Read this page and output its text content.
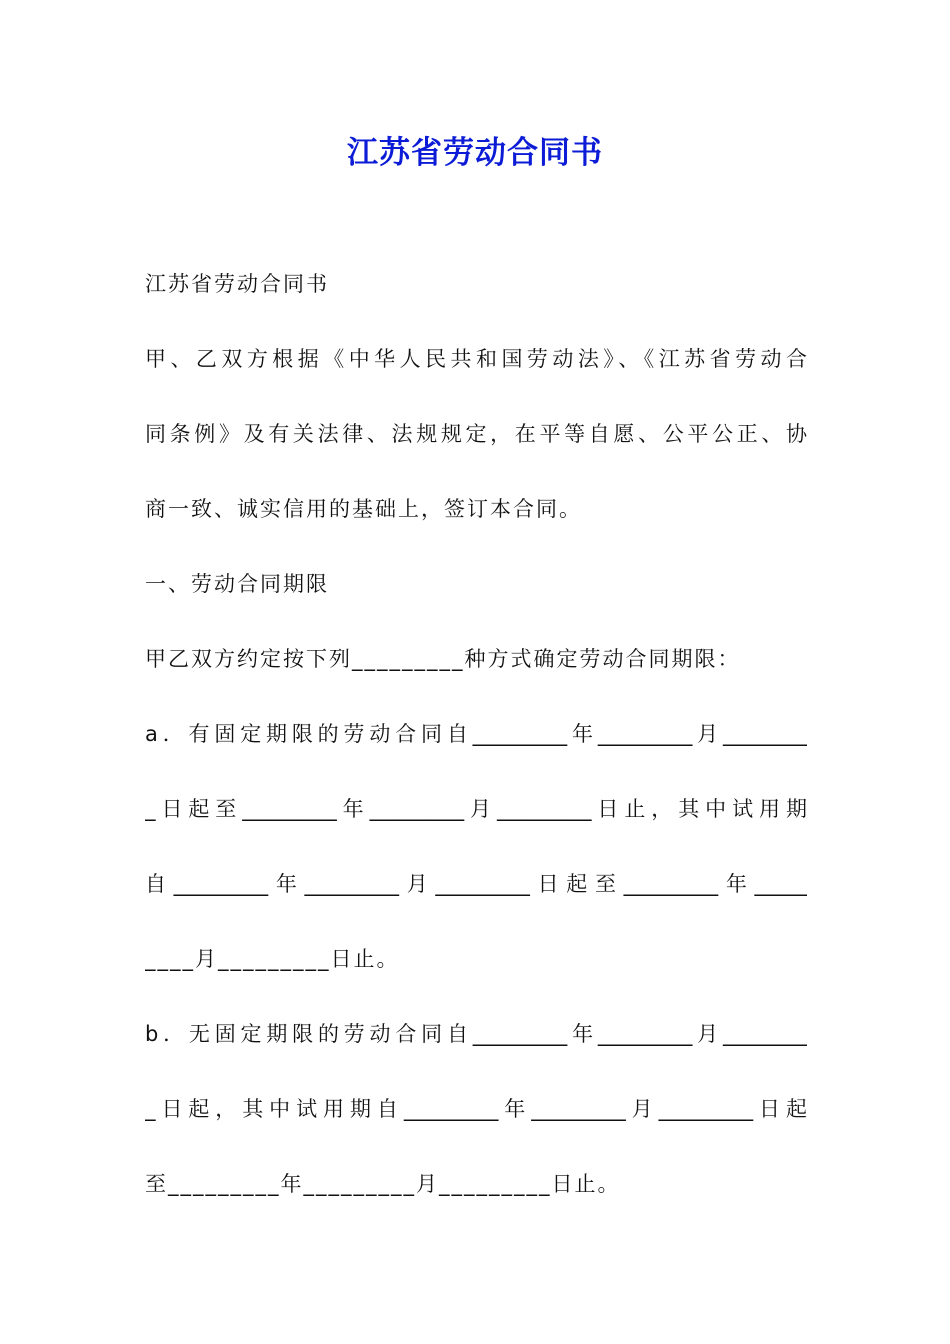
江苏省劳动合同书
江苏省劳动合同书
甲、乙双方根据《中华人民共和国劳动法》、《江苏省劳动合
同条例》及有关法律、法规规定，在平等自愿、公平公正、协
商一致、诚实信用的基础上，签订本合同。
一、劳动合同期限
甲乙双方约定按下列_________种方式确定劳动合同期限：
a．有固定期限的劳动合同自_________年_________月________
_日起至_________年_________月_________日止，其中试用期
自_________年_________月_________日起至_________年_____
____月_________日止。
b．无固定期限的劳动合同自_________年_________月________
_日起，其中试用期自_________年_________月_________日起
至_________年_________月_________日止。
